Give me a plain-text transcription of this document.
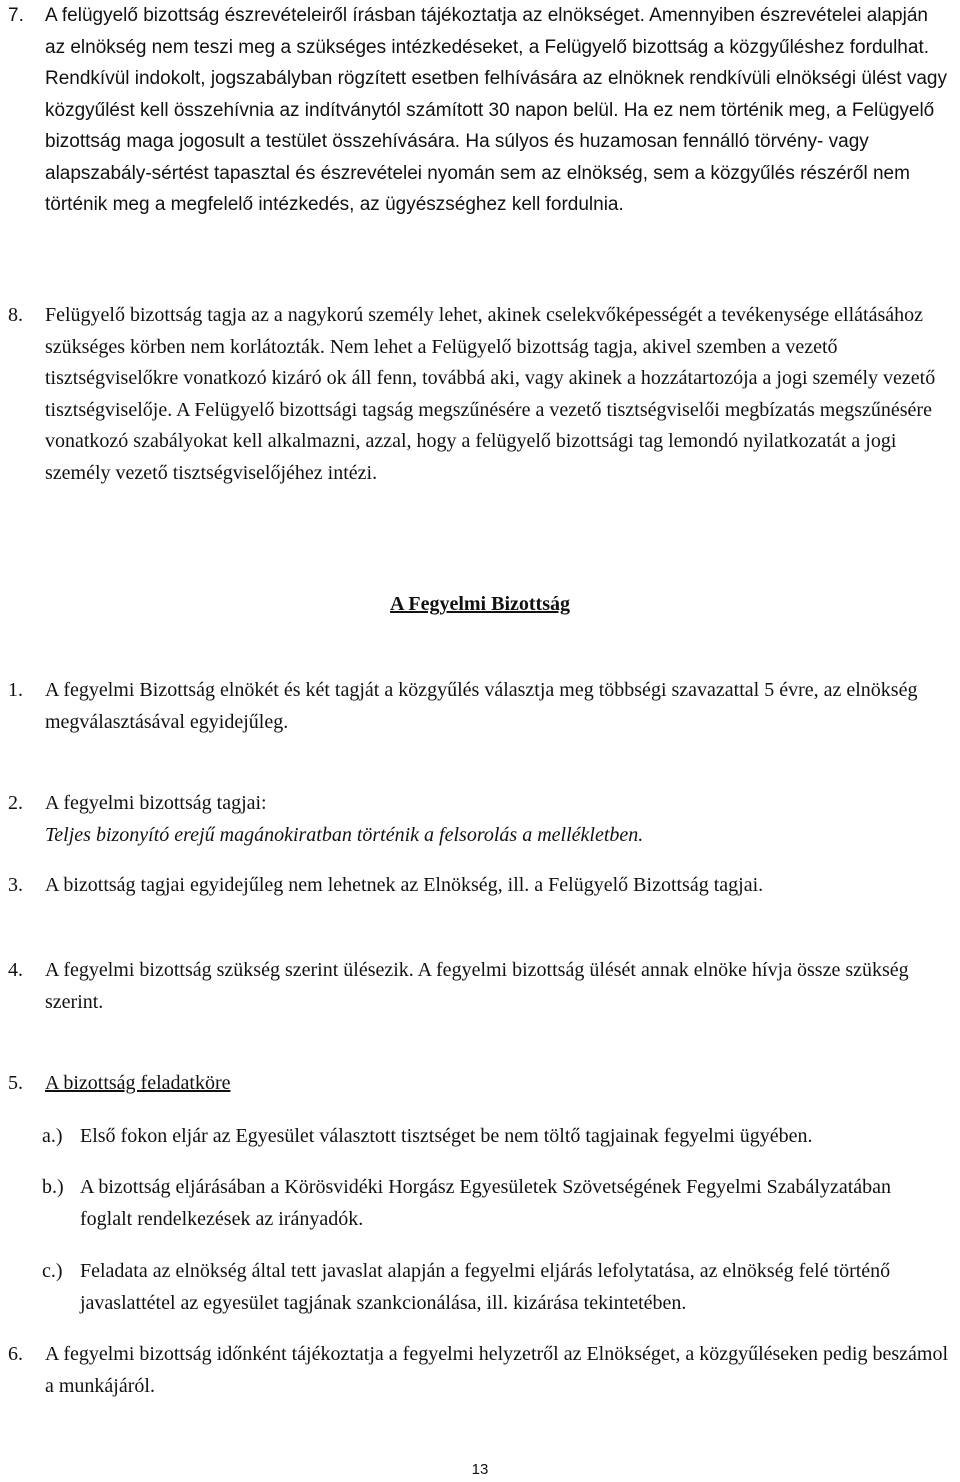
7. A felügyelő bizottság észrevételeiről írásban tájékoztatja az elnökséget. Amennyiben észrevételei alapján az elnökség nem teszi meg a szükséges intézkedéseket, a Felügyelő bizottság a közgyűléshez fordulhat. Rendkívül indokolt, jogszabályban rögzített esetben felhívására az elnöknek rendkívüli elnökségi ülést vagy közgyűlést kell összehívnia az indítványtól számított 30 napon belül. Ha ez nem történik meg, a Felügyelő bizottság maga jogosult a testület összehívására. Ha súlyos és huzamosan fennálló törvény- vagy alapszabály-sértést tapasztal és észrevételei nyomán sem az elnökség, sem a közgyűlés részéről nem történik meg a megfelelő intézkedés, az ügyészséghez kell fordulnia.

8. Felügyelő bizottság tagja az a nagykorú személy lehet, akinek cselekvőképességét a tevékenysége ellátásához szükséges körben nem korlátozták. Nem lehet a Felügyelő bizottság tagja, akivel szemben a vezető tisztségviselőkre vonatkozó kizáró ok áll fenn, továbbá aki, vagy akinek a hozzátartozója a jogi személy vezető tisztségviselője. A Felügyelő bizottsági tagság megszűnésére a vezető tisztségviselői megbízatás megszűnésére vonatkozó szabályokat kell alkalmazni, azzal, hogy a felügyelő bizottsági tag lemondó nyilatkozatát a jogi személy vezető tisztségviselőjéhez intézi.

A Fegyelmi Bizottság
1. A fegyelmi Bizottság elnökét és két tagját a közgyűlés választja meg többségi szavazattal 5 évre, az elnökség megválasztásával egyidejűleg.

2. A fegyelmi bizottság tagjai:

Teljes bizonyító erejű magánokiratban történik a felsorolás a mellékletben.

3. A bizottság tagjai egyidejűleg nem lehetnek az Elnökség, ill. a Felügyelő Bizottság tagjai.

4. A fegyelmi bizottság szükség szerint ülésezik. A fegyelmi bizottság ülését annak elnöke hívja össze szükség szerint.

5. A bizottság feladatköre

a.) Első fokon eljár az Egyesület választott tisztséget be nem töltő tagjainak fegyelmi ügyében.
b.) A bizottság eljárásában a Körösvidéki Horgász Egyesületek Szövetségének Fegyelmi Szabályzatában foglalt rendelkezések az irányadók.
c.) Feladata az elnökség által tett javaslat alapján a fegyelmi eljárás lefolytatása, az elnökség felé történő javaslattétel az egyesület tagjának szankcionálása, ill. kizárása tekintetében.
6. A fegyelmi bizottság időnként tájékoztatja a fegyelmi helyzetről az Elnökséget, a közgyűléseken pedig beszámol a munkájáról.

13
